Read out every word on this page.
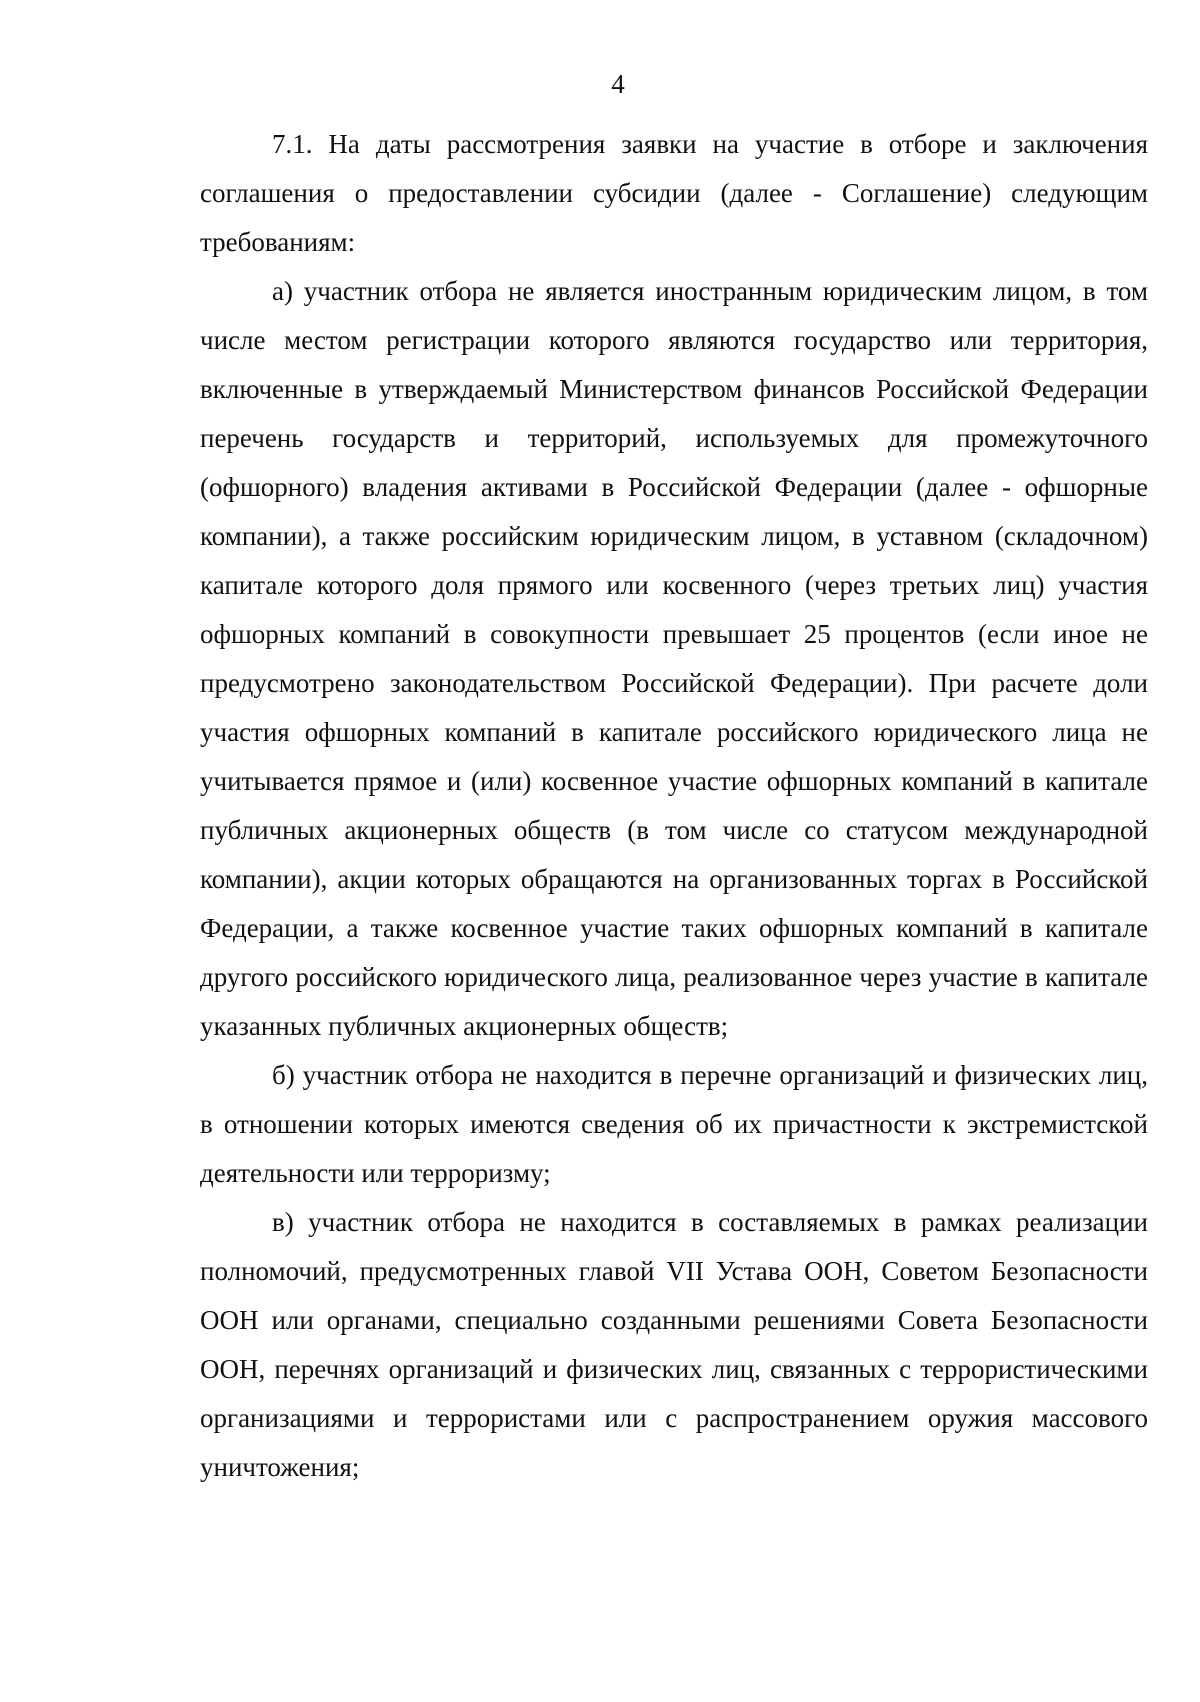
4

7.1. На даты рассмотрения заявки на участие в отборе и заключения соглашения о предоставлении субсидии (далее - Соглашение) следующим требованиям:

а) участник отбора не является иностранным юридическим лицом, в том числе местом регистрации которого являются государство или территория, включенные в утверждаемый Министерством финансов Российской Федерации перечень государств и территорий, используемых для промежуточного (офшорного) владения активами в Российской Федерации (далее - офшорные компании), а также российским юридическим лицом, в уставном (складочном) капитале которого доля прямого или косвенного (через третьих лиц) участия офшорных компаний в совокупности превышает 25 процентов (если иное не предусмотрено законодательством Российской Федерации). При расчете доли участия офшорных компаний в капитале российского юридического лица не учитывается прямое и (или) косвенное участие офшорных компаний в капитале публичных акционерных обществ (в том числе со статусом международной компании), акции которых обращаются на организованных торгах в Российской Федерации, а также косвенное участие таких офшорных компаний в капитале другого российского юридического лица, реализованное через участие в капитале указанных публичных акционерных обществ;

б) участник отбора не находится в перечне организаций и физических лиц, в отношении которых имеются сведения об их причастности к экстремистской деятельности или терроризму;

в) участник отбора не находится в составляемых в рамках реализации полномочий, предусмотренных главой VII Устава ООН, Советом Безопасности ООН или органами, специально созданными решениями Совета Безопасности ООН, перечнях организаций и физических лиц, связанных с террористическими организациями и террористами или с распространением оружия массового уничтожения;
